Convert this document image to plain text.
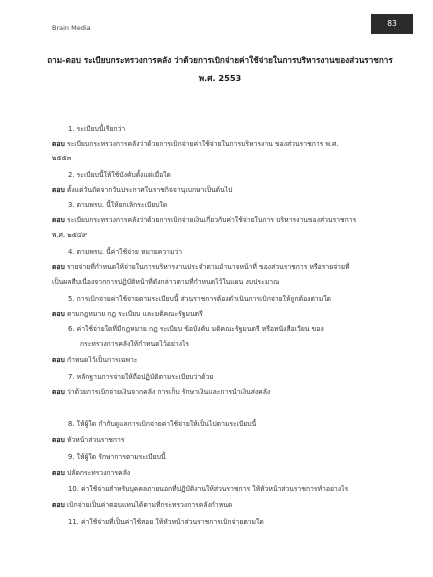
Brain Media	83
ถาม-ตอบ ระเบียบกระทรวงการคลัง ว่าด้วยการเบิกจ่ายค่าใช้จ่ายในการบริหารงานของส่วนราชการ
พ.ศ. 2553
1. ระเบียบนี้เรียกว่า
ตอบ ระเบียบกระทรวงการคลังว่าด้วยการเบิกจ่ายค่าใช้จ่ายในการบริหารงาน ของส่วนราชการ พ.ศ.
๒๕๕๓
2. ระเบียบนี้ให้ใช้บังคับตั้งแต่เมื่อใด
ตอบ ตั้งแต่วันถัดจากวันประกาศในราชกิจจานุเบกษาเป็นต้นไป
3. ตามพรบ. นี้ให้ยกเลิกระเบียบใด
ตอบ ระเบียบกระทรวงการคลังว่าด้วยการเบิกจ่ายเงินเกี่ยวกับค่าใช้จ่ายในการ บริหารงานของส่วนราชการ
พ.ศ. ๒๕๔๙
4. ตามพรบ. นี้ค่าใช้จ่าย หมายความว่า
ตอบ รายจ่ายที่กำหนดให้จ่ายในการบริหารงานประจำตามอำนาจหน้าที่ ของส่วนราชการ หรือรายจ่ายที่
เป็นผลสืบเนื่องจากการปฏิบัติหน้าที่ดังกล่าวตามที่กำหนดไว้ในแผน งบประมาณ
5. การเบิกจ่ายค่าใช้จ่ายตามระเบียบนี้ ส่วนราชการต้องดำเนินการเบิกจ่ายให้ถูกต้องตามใด
ตอบ ตามกฎหมาย กฎ ระเบียบ และมติคณะรัฐมนตรี
6. ค่าใช้จ่ายใดที่มีกฎหมาย กฎ ระเบียบ ข้อบังคับ มติคณะรัฐมนตรี หรือหนังสือเวียน ของ
กระทรวงการคลังให้กำหนดไว้อย่างไร
ตอบ กำหนดไว้เป็นการเฉพาะ
7. หลักฐานการจ่ายให้ถือปฏิบัติตามระเบียบว่าด้วย
ตอบ ว่าด้วยการเบิกจ่ายเงินจากคลัง การเก็บ รักษาเงินและการนำเงินส่งคลัง
8. ให้ผู้ใด กำกับดูแลการเบิกจ่ายค่าใช้จ่ายให้เป็นไปตามระเบียบนี้
ตอบ หัวหน้าส่วนราชการ
9. ให้ผู้ใด รักษาการตามระเบียบนี้
ตอบ ปลัดกระทรวงการคลัง
10. ค่าใช้จ่ายสำหรับบุคคลภายนอกที่ปฏิบัติงานให้ส่วนราชการ ให้หัวหน้าส่วนราชการทำอย่างไร
ตอบ เบิกจ่ายเป็นค่าตอบแทนได้ตามที่กระทรวงการคลังกำหนด
11. ค่าใช้จ่ายที่เป็นค่าใช้สอย ให้หัวหน้าส่วนราชการเบิกจ่ายตามใด
